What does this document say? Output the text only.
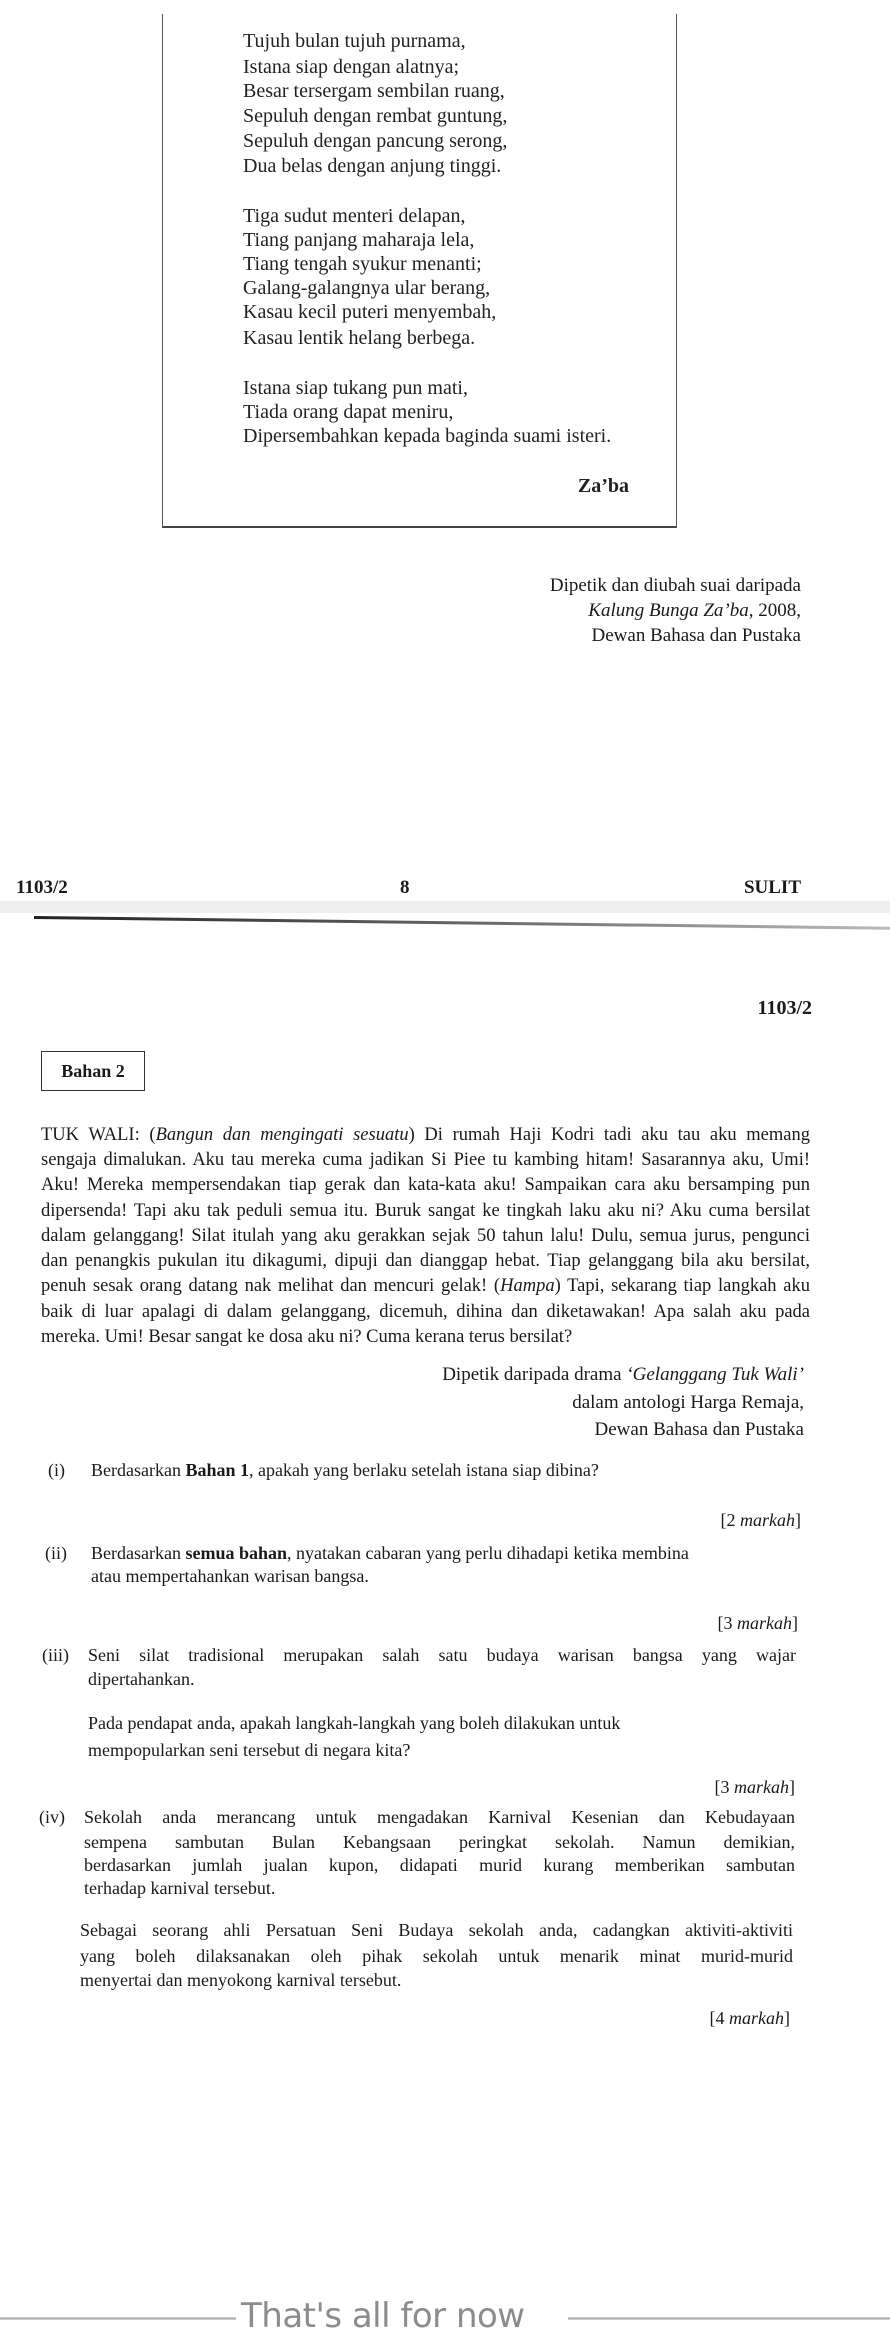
Bahan 2
1103/2	8	SULIT
1103/2
That's all for now
Tujuh bulan tujuh purnama,
Istana siap dengan alatnya;
Besar tersergam sembilan ruang,
Sepuluh dengan rembat guntung,
Sepuluh dengan pancung serong,
Dua belas dengan anjung tinggi.
Tiga sudut menteri delapan,
Tiang panjang maharaja lela,
Tiang tengah syukur menanti;
Galang-galangnya ular berang,
Kasau kecil puteri menyembah,
Kasau lentik helang berbega.
Istana siap tukang pun mati,
Tiada orang dapat meniru,
Dipersembahkan kepada baginda suami isteri.
Za’ba
Dipetik dan diubah suai daripada
Kalung Bunga Za’ba, 2008,
Dewan Bahasa dan Pustaka
TUK WALI: (Bangun dan mengingati sesuatu) Di rumah Haji Kodri tadi aku tau aku memang
sengaja dimalukan. Aku tau mereka cuma jadikan Si Piee tu kambing hitam! Sasarannya aku, Umi!
Aku! Mereka mempersendakan tiap gerak dan kata-kata aku! Sampaikan cara aku bersamping pun
dipersenda! Tapi aku tak peduli semua itu. Buruk sangat ke tingkah laku aku ni? Aku cuma bersilat
dalam gelanggang! Silat itulah yang aku gerakkan sejak 50 tahun lalu! Dulu, semua jurus, pengunci
dan penangkis pukulan itu dikagumi, dipuji dan dianggap hebat. Tiap gelanggang bila aku bersilat,
penuh sesak orang datang nak melihat dan mencuri gelak! (Hampa) Tapi, sekarang tiap langkah aku
baik di luar apalagi di dalam gelanggang, dicemuh, dihina dan diketawakan! Apa salah aku pada
mereka. Umi! Besar sangat ke dosa aku ni? Cuma kerana terus bersilat?
Dipetik daripada drama ‘Gelanggang Tuk Wali’
dalam antologi Harga Remaja,
Dewan Bahasa dan Pustaka
(i) Berdasarkan Bahan 1, apakah yang berlaku setelah istana siap dibina?
[2 markah]
(ii) Berdasarkan semua bahan, nyatakan cabaran yang perlu dihadapi ketika membina
atau mempertahankan warisan bangsa.
[3 markah]
(iii) Seni silat tradisional merupakan salah satu budaya warisan bangsa yang wajar
dipertahankan.
Pada pendapat anda, apakah langkah-langkah yang boleh dilakukan untuk
mempopularkan seni tersebut di negara kita?
[3 markah]
(iv) Sekolah anda merancang untuk mengadakan Karnival Kesenian dan Kebudayaan
sempena sambutan Bulan Kebangsaan peringkat sekolah. Namun demikian,
berdasarkan jumlah jualan kupon, didapati murid kurang memberikan sambutan
terhadap karnival tersebut.
Sebagai seorang ahli Persatuan Seni Budaya sekolah anda, cadangkan aktiviti-aktiviti
yang boleh dilaksanakan oleh pihak sekolah untuk menarik minat murid-murid
menyertai dan menyokong karnival tersebut.
[4 markah]
